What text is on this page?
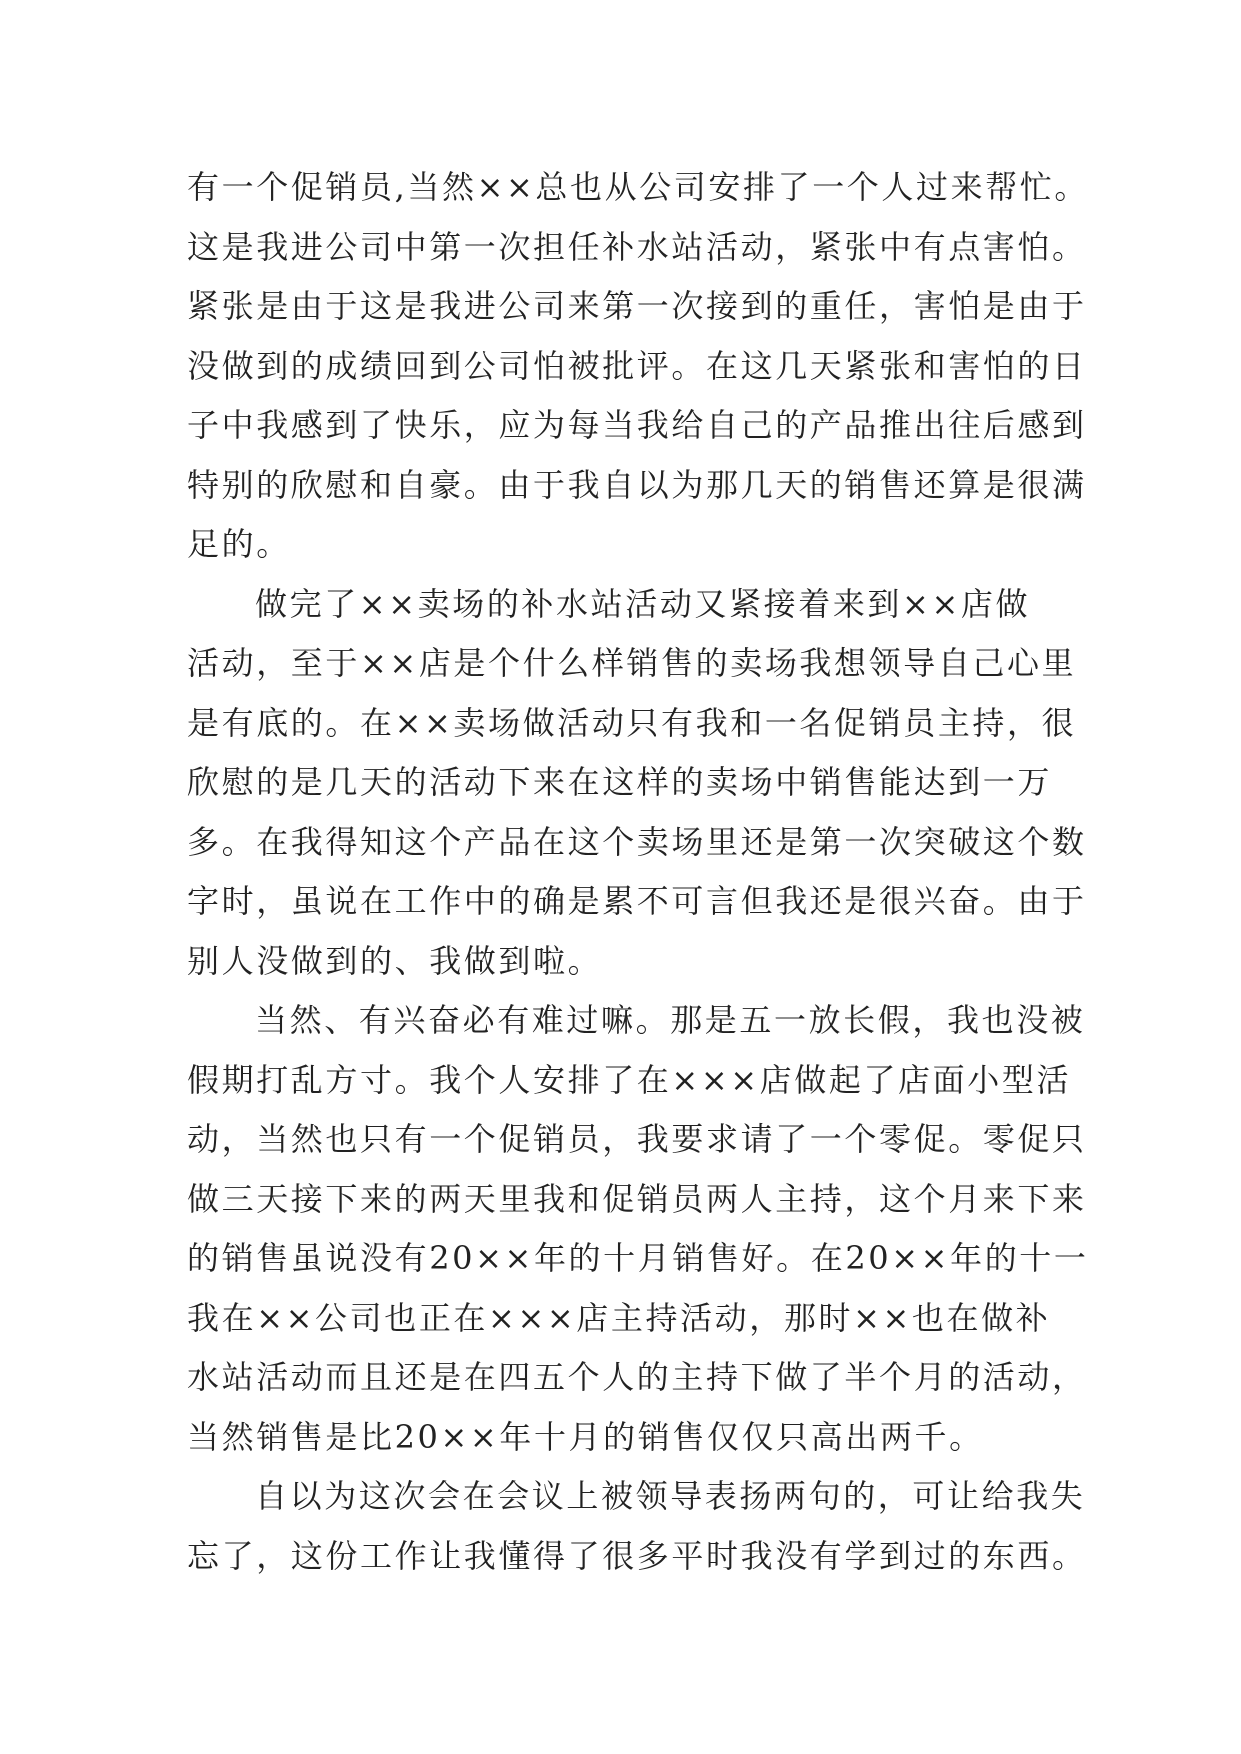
有一个促销员,当然××总也从公司安排了一个人过来帮忙。
这是我进公司中第一次担任补水站活动，紧张中有点害怕。
紧张是由于这是我进公司来第一次接到的重任，害怕是由于
没做到的成绩回到公司怕被批评。在这几天紧张和害怕的日
子中我感到了快乐，应为每当我给自己的产品推出往后感到
特别的欣慰和自豪。由于我自以为那几天的销售还算是很满
足的。
做完了××卖场的补水站活动又紧接着来到××店做
活动，至于××店是个什么样销售的卖场我想领导自己心里
是有底的。在××卖场做活动只有我和一名促销员主持，很
欣慰的是几天的活动下来在这样的卖场中销售能达到一万
多。在我得知这个产品在这个卖场里还是第一次突破这个数
字时，虽说在工作中的确是累不可言但我还是很兴奋。由于
别人没做到的、我做到啦。
当然、有兴奋必有难过嘛。那是五一放长假，我也没被
假期打乱方寸。我个人安排了在×××店做起了店面小型活
动，当然也只有一个促销员，我要求请了一个零促。零促只
做三天接下来的两天里我和促销员两人主持，这个月来下来
的销售虽说没有20××年的十月销售好。在20××年的十一
我在××公司也正在×××店主持活动，那时××也在做补
水站活动而且还是在四五个人的主持下做了半个月的活动，
当然销售是比20××年十月的销售仅仅只高出两千。
自以为这次会在会议上被领导表扬两句的，可让给我失
忘了，这份工作让我懂得了很多平时我没有学到过的东西。
